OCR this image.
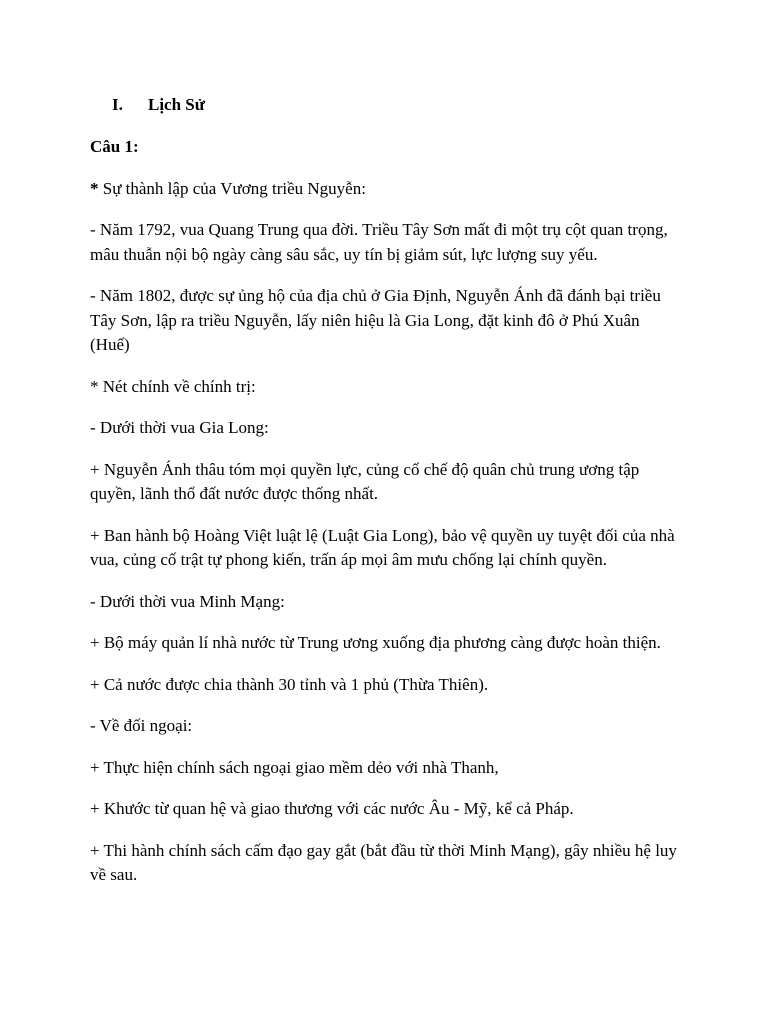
I.	Lịch Sử

Câu 1:

* Sự thành lập của Vương triều Nguyễn:

- Năm 1792, vua Quang Trung qua đời. Triều Tây Sơn mất đi một trụ cột quan trọng, mâu thuẫn nội bộ ngày càng sâu sắc, uy tín bị giảm sút, lực lượng suy yếu.

- Năm 1802, được sự ủng hộ của địa chủ ở Gia Định, Nguyễn Ánh đã đánh bại triều Tây Sơn, lập ra triều Nguyễn, lấy niên hiệu là Gia Long, đặt kinh đô ở Phú Xuân (Huế)

* Nét chính về chính trị:

- Dưới thời vua Gia Long:

+ Nguyễn Ánh thâu tóm mọi quyền lực, củng cố chế độ quân chủ trung ương tập quyền, lãnh thổ đất nước được thống nhất.

+ Ban hành bộ Hoàng Việt luật lệ (Luật Gia Long), bảo vệ quyền uy tuyệt đối của nhà vua, củng cố trật tự phong kiến, trấn áp mọi âm mưu chống lại chính quyền.

- Dưới thời vua Minh Mạng:

+ Bộ máy quản lí nhà nước từ Trung ương xuống địa phương càng được hoàn thiện.

+ Cả nước được chia thành 30 tỉnh và 1 phủ (Thừa Thiên).

- Về đối ngoại:

+ Thực hiện chính sách ngoại giao mềm dẻo với nhà Thanh,

+ Khước từ quan hệ và giao thương với các nước Âu - Mỹ, kể cả Pháp.

+ Thi hành chính sách cấm đạo gay gắt (bắt đầu từ thời Minh Mạng), gây nhiều hệ luy về sau.
